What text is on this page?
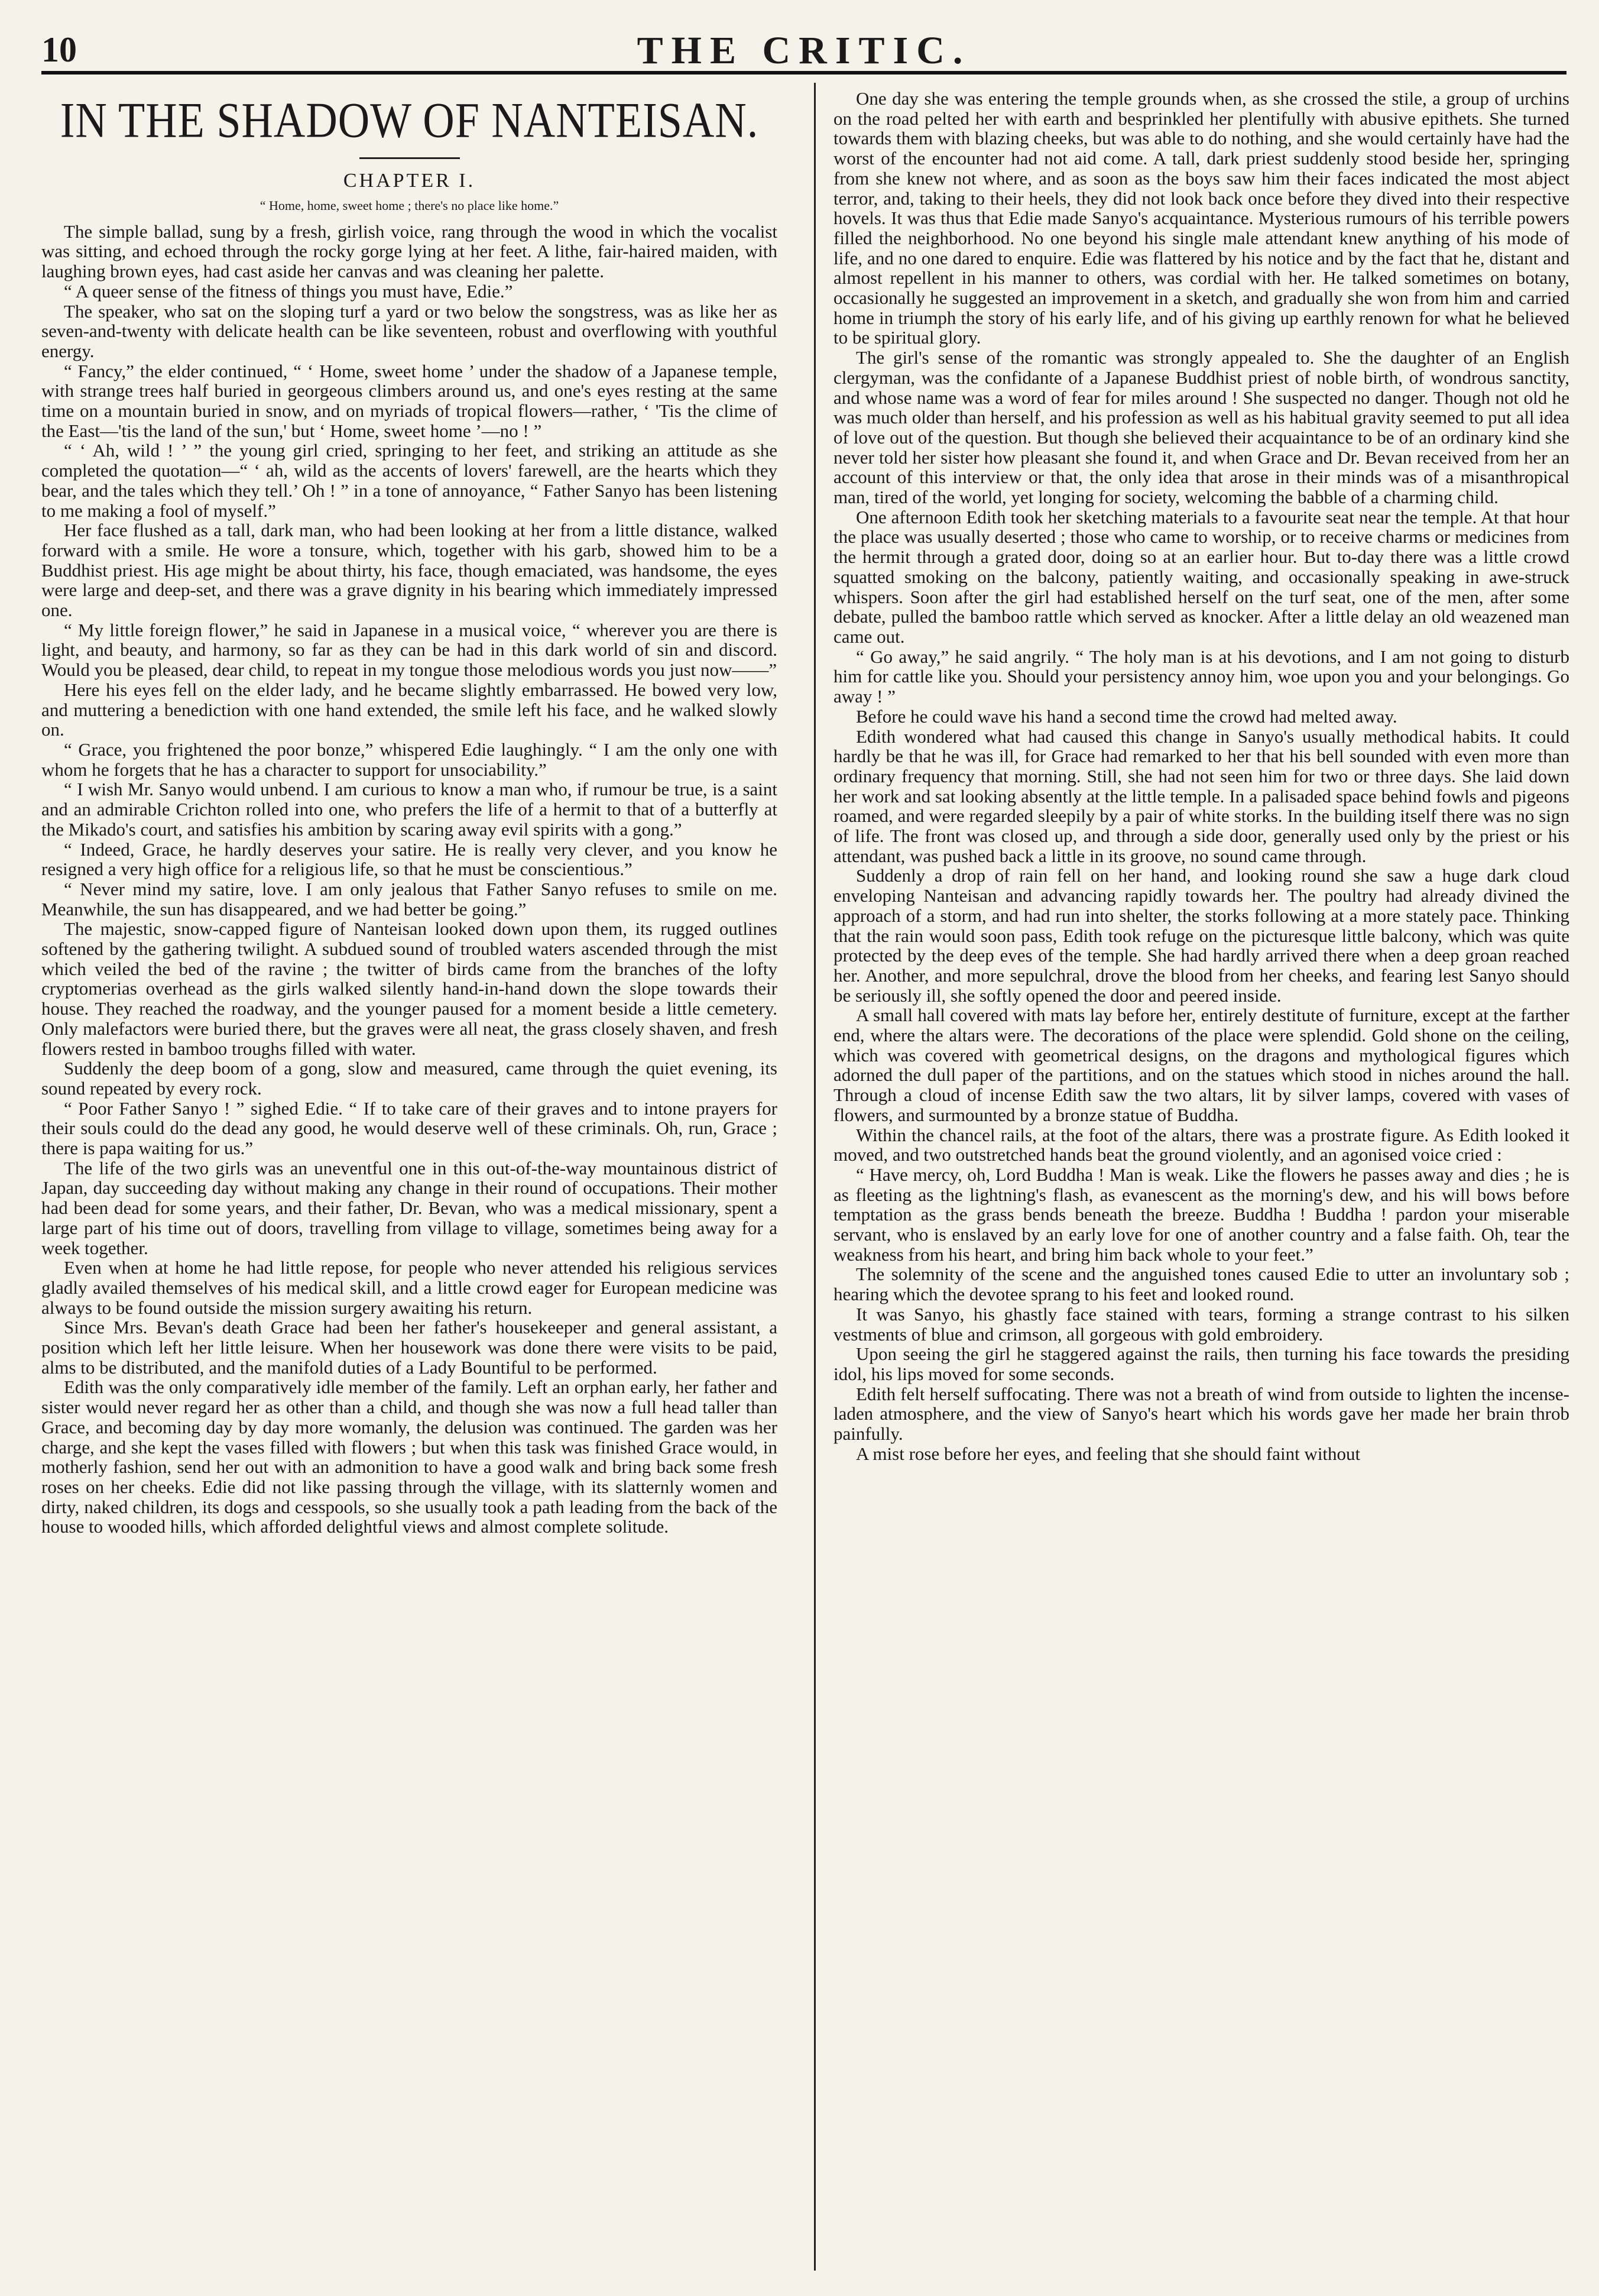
10	THE CRITIC.
IN THE SHADOW OF NANTEISAN.
CHAPTER I.
“ Home, home, sweet home ; there's no place like home.”

The simple ballad, sung by a fresh, girlish voice, rang through the wood in which the vocalist was sitting, and echoed through the rocky gorge lying at her feet. A lithe, fair-haired maiden, with laughing brown eyes, had cast aside her canvas and was cleaning her palette.

“ A queer sense of the fitness of things you must have, Edie.”

The speaker, who sat on the sloping turf a yard or two below the songstress, was as like her as seven-and-twenty with delicate health can be like seventeen, robust and overflowing with youthful energy.

“ Fancy,” the elder continued, “ ‘ Home, sweet home ’ under the shadow of a Japanese temple, with strange trees half buried in georgeous climbers around us, and one's eyes resting at the same time on a mountain buried in snow, and on myriads of tropical flowers—rather, ‘ 'Tis the clime of the East—'tis the land of the sun,' but ‘ Home, sweet home ’—no ! ”

“ ‘ Ah, wild ! ’ ” the young girl cried, springing to her feet, and striking an attitude as she completed the quotation—“ ‘ ah, wild as the accents of lovers' farewell, are the hearts which they bear, and the tales which they tell.’ Oh ! ” in a tone of annoyance, “ Father Sanyo has been listening to me making a fool of myself.”

Her face flushed as a tall, dark man, who had been looking at her from a little distance, walked forward with a smile. He wore a tonsure, which, together with his garb, showed him to be a Buddhist priest. His age might be about thirty, his face, though emaciated, was handsome, the eyes were large and deep-set, and there was a grave dignity in his bearing which immediately impressed one.

“ My little foreign flower,” he said in Japanese in a musical voice, “ wherever you are there is light, and beauty, and harmony, so far as they can be had in this dark world of sin and discord. Would you be pleased, dear child, to repeat in my tongue those melodious words you just now——”

Here his eyes fell on the elder lady, and he became slightly embarrassed. He bowed very low, and muttering a benediction with one hand extended, the smile left his face, and he walked slowly on.

“ Grace, you frightened the poor bonze,” whispered Edie laughingly. “ I am the only one with whom he forgets that he has a character to support for unsociability.”

“ I wish Mr. Sanyo would unbend. I am curious to know a man who, if rumour be true, is a saint and an admirable Crichton rolled into one, who prefers the life of a hermit to that of a butterfly at the Mikado's court, and satisfies his ambition by scaring away evil spirits with a gong.”

“ Indeed, Grace, he hardly deserves your satire. He is really very clever, and you know he resigned a very high office for a religious life, so that he must be conscientious.”

“ Never mind my satire, love. I am only jealous that Father Sanyo refuses to smile on me. Meanwhile, the sun has disappeared, and we had better be going.”

The majestic, snow-capped figure of Nanteisan looked down upon them, its rugged outlines softened by the gathering twilight. A subdued sound of troubled waters ascended through the mist which veiled the bed of the ravine ; the twitter of birds came from the branches of the lofty cryptomerias overhead as the girls walked silently hand-in-hand down the slope towards their house. They reached the roadway, and the younger paused for a moment beside a little cemetery. Only malefactors were buried there, but the graves were all neat, the grass closely shaven, and fresh flowers rested in bamboo troughs filled with water.

Suddenly the deep boom of a gong, slow and measured, came through the quiet evening, its sound repeated by every rock.

“ Poor Father Sanyo ! ” sighed Edie. “ If to take care of their graves and to intone prayers for their souls could do the dead any good, he would deserve well of these criminals. Oh, run, Grace ; there is papa waiting for us.”

The life of the two girls was an uneventful one in this out-of-the-way mountainous district of Japan, day succeeding day without making any change in their round of occupations. Their mother had been dead for some years, and their father, Dr. Bevan, who was a medical missionary, spent a large part of his time out of doors, travelling from village to village, sometimes being away for a week together.

Even when at home he had little repose, for people who never attended his religious services gladly availed themselves of his medical skill, and a little crowd eager for European medicine was always to be found outside the mission surgery awaiting his return.

Since Mrs. Bevan's death Grace had been her father's housekeeper and general assistant, a position which left her little leisure. When her housework was done there were visits to be paid, alms to be distributed, and the manifold duties of a Lady Bountiful to be performed.

Edith was the only comparatively idle member of the family. Left an orphan early, her father and sister would never regard her as other than a child, and though she was now a full head taller than Grace, and becoming day by day more womanly, the delusion was continued. The garden was her charge, and she kept the vases filled with flowers ; but when this task was finished Grace would, in motherly fashion, send her out with an admonition to have a good walk and bring back some fresh roses on her cheeks. Edie did not like passing through the village, with its slatternly women and dirty, naked children, its dogs and cesspools, so she usually took a path leading from the back of the house to wooded hills, which afforded delightful views and almost complete solitude.

One day she was entering the temple grounds when, as she crossed the stile, a group of urchins on the road pelted her with earth and besprinkled her plentifully with abusive epithets. She turned towards them with blazing cheeks, but was able to do nothing, and she would certainly have had the worst of the encounter had not aid come. A tall, dark priest suddenly stood beside her, springing from she knew not where, and as soon as the boys saw him their faces indicated the most abject terror, and, taking to their heels, they did not look back once before they dived into their respective hovels. It was thus that Edie made Sanyo's acquaintance. Mysterious rumours of his terrible powers filled the neighborhood. No one beyond his single male attendant knew anything of his mode of life, and no one dared to enquire. Edie was flattered by his notice and by the fact that he, distant and almost repellent in his manner to others, was cordial with her. He talked sometimes on botany, occasionally he suggested an improvement in a sketch, and gradually she won from him and carried home in triumph the story of his early life, and of his giving up earthly renown for what he believed to be spiritual glory.

The girl's sense of the romantic was strongly appealed to. She the daughter of an English clergyman, was the confidante of a Japanese Buddhist priest of noble birth, of wondrous sanctity, and whose name was a word of fear for miles around ! She suspected no danger. Though not old he was much older than herself, and his profession as well as his habitual gravity seemed to put all idea of love out of the question. But though she believed their acquaintance to be of an ordinary kind she never told her sister how pleasant she found it, and when Grace and Dr. Bevan received from her an account of this interview or that, the only idea that arose in their minds was of a misanthropical man, tired of the world, yet longing for society, welcoming the babble of a charming child.

One afternoon Edith took her sketching materials to a favourite seat near the temple. At that hour the place was usually deserted ; those who came to worship, or to receive charms or medicines from the hermit through a grated door, doing so at an earlier hour. But to-day there was a little crowd squatted smoking on the balcony, patiently waiting, and occasionally speaking in awe-struck whispers. Soon after the girl had established herself on the turf seat, one of the men, after some debate, pulled the bamboo rattle which served as knocker. After a little delay an old weazened man came out.

“ Go away,” he said angrily. “ The holy man is at his devotions, and I am not going to disturb him for cattle like you. Should your persistency annoy him, woe upon you and your belongings. Go away ! ”

Before he could wave his hand a second time the crowd had melted away.

Edith wondered what had caused this change in Sanyo's usually methodical habits. It could hardly be that he was ill, for Grace had remarked to her that his bell sounded with even more than ordinary frequency that morning. Still, she had not seen him for two or three days. She laid down her work and sat looking absently at the little temple. In a palisaded space behind fowls and pigeons roamed, and were regarded sleepily by a pair of white storks. In the building itself there was no sign of life. The front was closed up, and through a side door, generally used only by the priest or his attendant, was pushed back a little in its groove, no sound came through.

Suddenly a drop of rain fell on her hand, and looking round she saw a huge dark cloud enveloping Nanteisan and advancing rapidly towards her. The poultry had already divined the approach of a storm, and had run into shelter, the storks following at a more stately pace. Thinking that the rain would soon pass, Edith took refuge on the picturesque little balcony, which was quite protected by the deep eves of the temple. She had hardly arrived there when a deep groan reached her. Another, and more sepulchral, drove the blood from her cheeks, and fearing lest Sanyo should be seriously ill, she softly opened the door and peered inside.

A small hall covered with mats lay before her, entirely destitute of furniture, except at the farther end, where the altars were. The decorations of the place were splendid. Gold shone on the ceiling, which was covered with geometrical designs, on the dragons and mythological figures which adorned the dull paper of the partitions, and on the statues which stood in niches around the hall. Through a cloud of incense Edith saw the two altars, lit by silver lamps, covered with vases of flowers, and surmounted by a bronze statue of Buddha.

Within the chancel rails, at the foot of the altars, there was a prostrate figure. As Edith looked it moved, and two outstretched hands beat the ground violently, and an agonised voice cried :

“ Have mercy, oh, Lord Buddha ! Man is weak. Like the flowers he passes away and dies ; he is as fleeting as the lightning's flash, as evanescent as the morning's dew, and his will bows before temptation as the grass bends beneath the breeze. Buddha ! Buddha ! pardon your miserable servant, who is enslaved by an early love for one of another country and a false faith. Oh, tear the weakness from his heart, and bring him back whole to your feet.”

The solemnity of the scene and the anguished tones caused Edie to utter an involuntary sob ; hearing which the devotee sprang to his feet and looked round.

It was Sanyo, his ghastly face stained with tears, forming a strange contrast to his silken vestments of blue and crimson, all gorgeous with gold embroidery.

Upon seeing the girl he staggered against the rails, then turning his face towards the presiding idol, his lips moved for some seconds.

Edith felt herself suffocating. There was not a breath of wind from outside to lighten the incense-laden atmosphere, and the view of Sanyo's heart which his words gave her made her brain throb painfully.

A mist rose before her eyes, and feeling that she should faint without
